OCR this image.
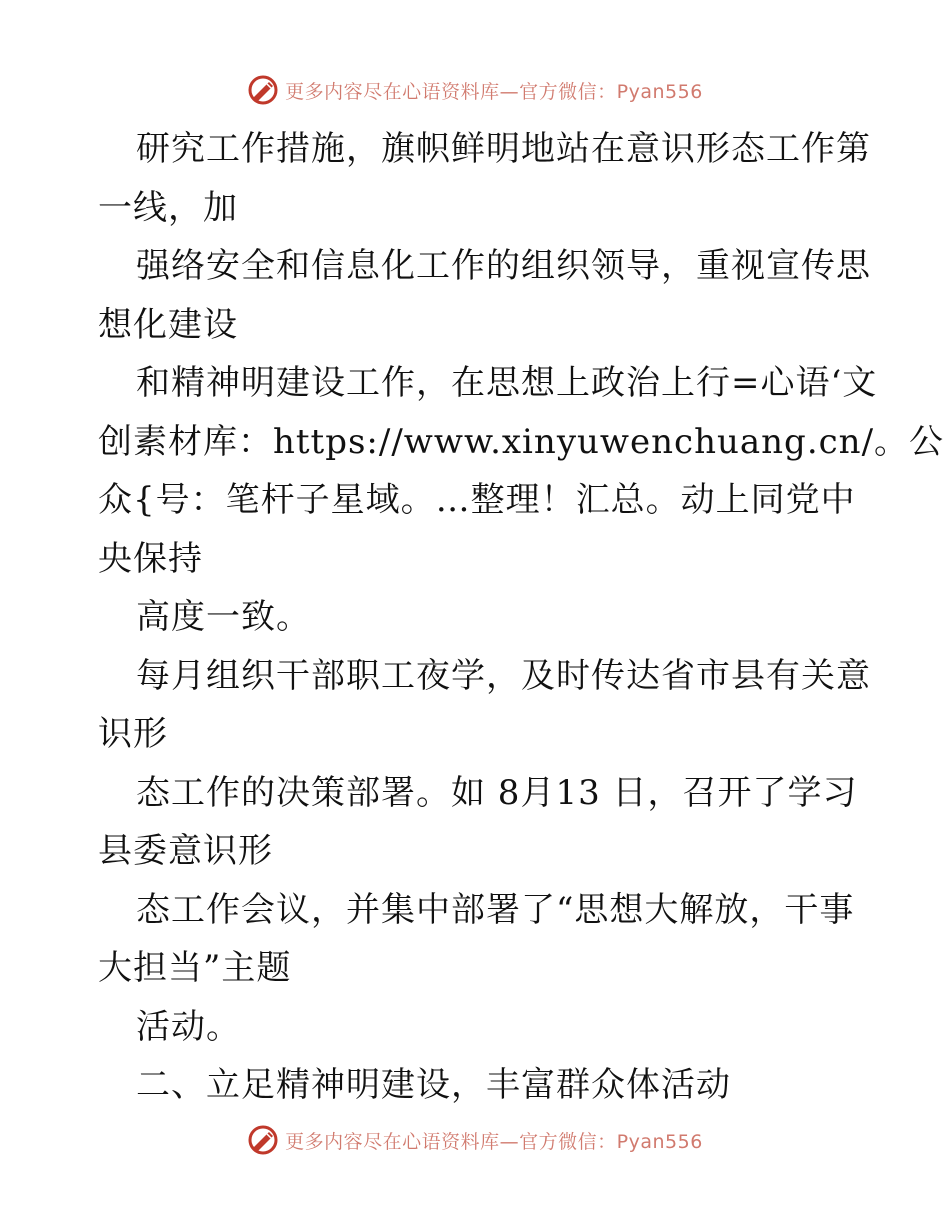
更多内容尽在心语资料库—官方微信：Pyan556
研究工作措施，旗帜鲜明地站在意识形态工作第
一线，加
强络安全和信息化工作的组织领导，重视宣传思
想化建设
和精神明建设工作，在思想上政治上行=心语‘文
创素材库：https://www.xinyuwenchuang.cn/。公
众{号：笔杆子星域。…整理！汇总。动上同党中
央保持
高度一致。
每月组织干部职工夜学，及时传达省市县有关意
识形
态工作的决策部署。如 8月13 日，召开了学习
县委意识形
态工作会议，并集中部署了“思想大解放，干事
大担当”主题
活动。
二、立足精神明建设，丰富群众体活动
更多内容尽在心语资料库—官方微信：Pyan556
